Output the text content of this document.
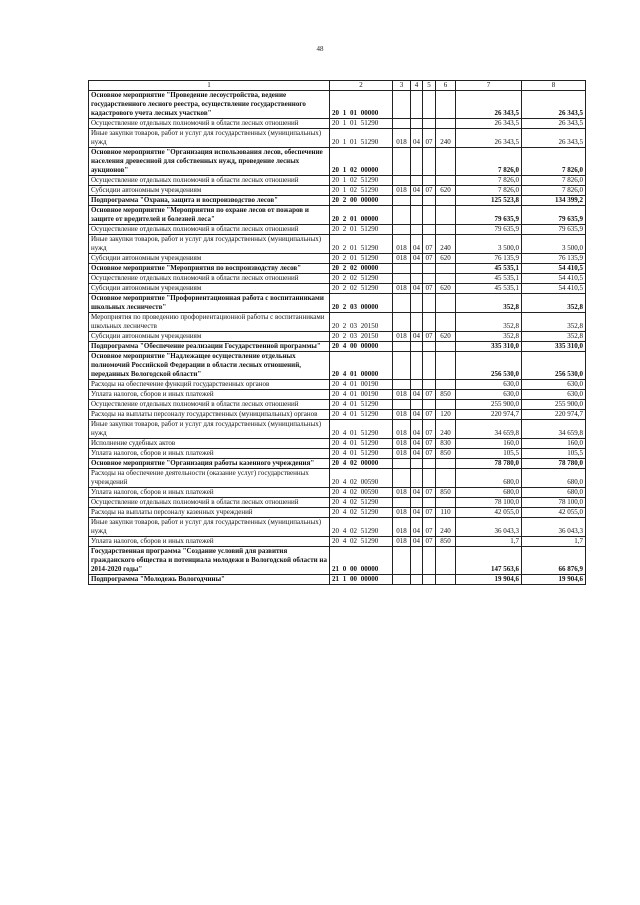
48
1	2	3	4	5	6	7	8
Основное мероприятие "Проведение лесоустройства, ведение государственного лесного реестра, осуществление государственного кадастрового учета лесных участков"	20 1 01 00000					26 343,5	26 343,5
Осуществление отдельных полномочий в области лесных отношений	20 1 01 51290					26 343,5	26 343,5
Иные закупки товаров, работ и услуг для государственных (муниципальных) нужд	20 1 01 51290	018	04	07	240	26 343,5	26 343,5
Основное мероприятие "Организация использования лесов, обеспечение населения древесиной для собственных нужд, проведение лесных аукционов"	20 1 02 00000					7 826,0	7 826,0
Осуществление отдельных полномочий в области лесных отношений	20 1 02 51290					7 826,0	7 826,0
Субсидии автономным учреждениям	20 1 02 51290	018	04	07	620	7 826,0	7 826,0
Подпрограмма "Охрана, защита и воспроизводство лесов"	20 2 00 00000					125 523,8	134 399,2
Основное мероприятие "Мероприятия по охране лесов от пожаров и защите от вредителей и болезней леса"	20 2 01 00000					79 635,9	79 635,9
Осуществление отдельных полномочий в области лесных отношений	20 2 01 51290					79 635,9	79 635,9
Иные закупки товаров, работ и услуг для государственных (муниципальных) нужд	20 2 01 51290	018	04	07	240	3 500,0	3 500,0
Субсидии автономным учреждениям	20 2 01 51290	018	04	07	620	76 135,9	76 135,9
Основное мероприятие "Мероприятия по воспроизводству лесов"	20 2 02 00000					45 535,1	54 410,5
Осуществление отдельных полномочий в области лесных отношений	20 2 02 51290					45 535,1	54 410,5
Субсидии автономным учреждениям	20 2 02 51290	018	04	07	620	45 535,1	54 410,5
Основное мероприятие "Профориентационная работа с воспитанниками школьных лесничеств"	20 2 03 00000					352,8	352,8
Мероприятия по проведению профориентационной работы с воспитанниками школьных лесничеств	20 2 03 20150					352,8	352,8
Субсидии автономным учреждениям	20 2 03 20150	018	04	07	620	352,8	352,8
Подпрограмма "Обеспечение реализации Государственной программы"	20 4 00 00000					335 310,0	335 310,0
Основное мероприятие "Надлежащее осуществление отдельных полномочий Российской Федерации в области лесных отношений, переданных Вологодской области"	20 4 01 00000					256 530,0	256 530,0
Расходы на обеспечение функций государственных органов	20 4 01 00190					630,0	630,0
Уплата налогов, сборов и иных платежей	20 4 01 00190	018	04	07	850	630,0	630,0
Осуществление отдельных полномочий в области лесных отношений	20 4 01 51290					255 900,0	255 900,0
Расходы на выплаты персоналу государственных (муниципальных) органов	20 4 01 51290	018	04	07	120	220 974,7	220 974,7
Иные закупки товаров, работ и услуг для государственных (муниципальных) нужд	20 4 01 51290	018	04	07	240	34 659,8	34 659,8
Исполнение судебных актов	20 4 01 51290	018	04	07	830	160,0	160,0
Уплата налогов, сборов и иных платежей	20 4 01 51290	018	04	07	850	105,5	105,5
Основное мероприятие "Организация работы казенного учреждения"	20 4 02 00000					78 780,0	78 780,0
Расходы на обеспечение деятельности (оказание услуг) государственных учреждений	20 4 02 00590					680,0	680,0
Уплата налогов, сборов и иных платежей	20 4 02 00590	018	04	07	850	680,0	680,0
Осуществление отдельных полномочий в области лесных отношений	20 4 02 51290					78 100,0	78 100,0
Расходы на выплаты персоналу казенных учреждений	20 4 02 51290	018	04	07	110	42 055,0	42 055,0
Иные закупки товаров, работ и услуг для государственных (муниципальных) нужд	20 4 02 51290	018	04	07	240	36 043,3	36 043,3
Уплата налогов, сборов и иных платежей	20 4 02 51290	018	04	07	850	1,7	1,7
Государственная программа "Создание условий для развития гражданского общества и потенциала молодежи в Вологодской области на 2014-2020 годы"	21 0 00 00000					147 563,6	66 876,9
Подпрограмма "Молодежь Вологодчины"	21 1 00 00000					19 904,6	19 904,6
